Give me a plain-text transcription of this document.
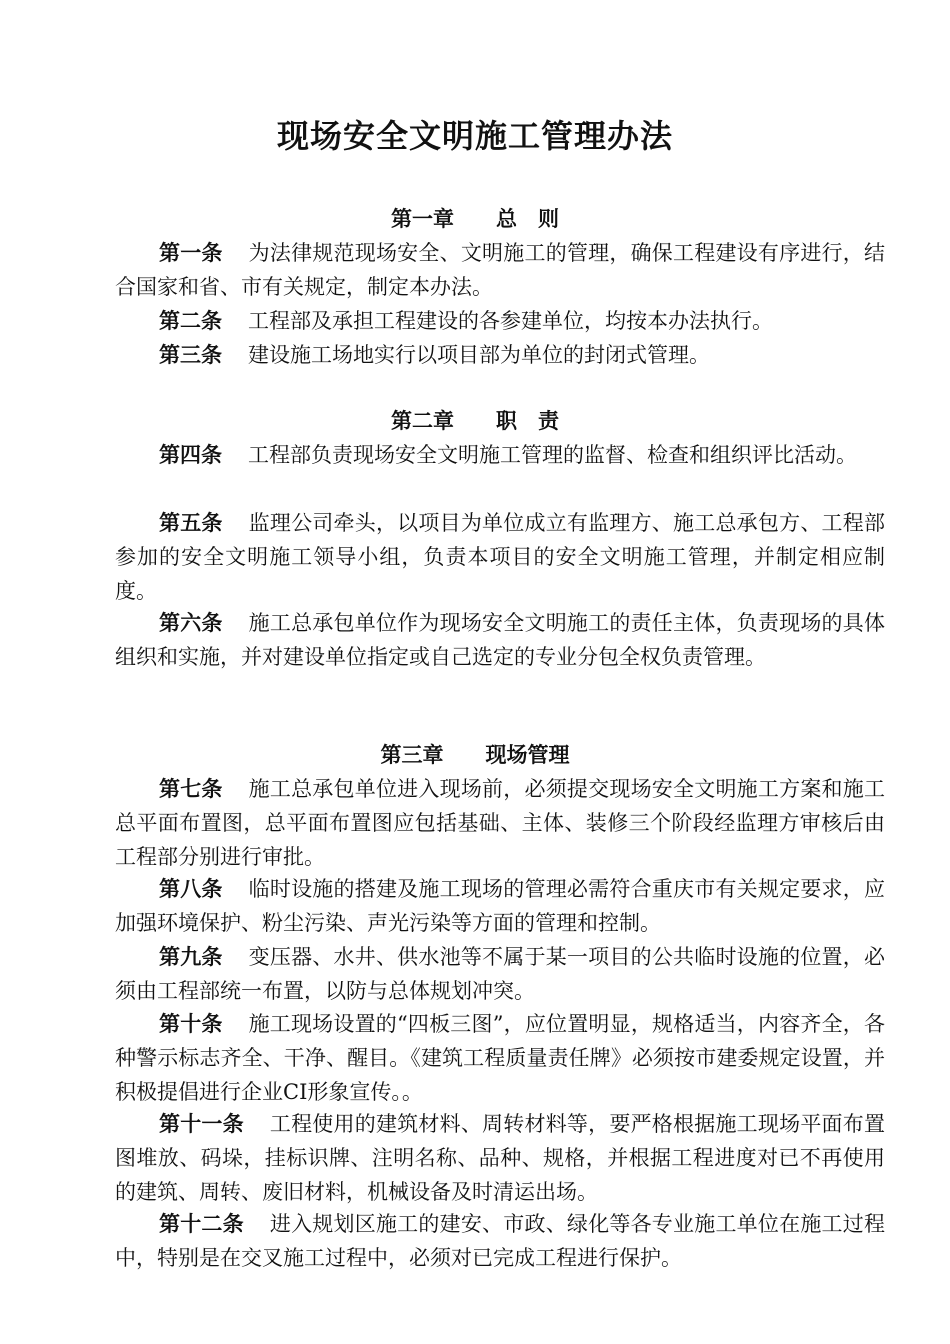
现场安全文明施工管理办法
第一章　　总　则
第一条 为法律规范现场安全、文明施工的管理，确保工程建设有序进行，结合国家和省、市有关规定，制定本办法。
第二条 工程部及承担工程建设的各参建单位，均按本办法执行。
第三条 建设施工场地实行以项目部为单位的封闭式管理。
第二章　　职　责
第四条 工程部负责现场安全文明施工管理的监督、检查和组织评比活动。
第五条 监理公司牵头，以项目为单位成立有监理方、施工总承包方、工程部参加的安全文明施工领导小组，负责本项目的安全文明施工管理，并制定相应制度。
第六条 施工总承包单位作为现场安全文明施工的责任主体，负责现场的具体组织和实施，并对建设单位指定或自己选定的专业分包全权负责管理。
第三章　　现场管理
第七条 施工总承包单位进入现场前，必须提交现场安全文明施工方案和施工总平面布置图，总平面布置图应包括基础、主体、装修三个阶段经监理方审核后由工程部分别进行审批。
第八条 临时设施的搭建及施工现场的管理必需符合重庆市有关规定要求，应加强环境保护、粉尘污染、声光污染等方面的管理和控制。
第九条 变压器、水井、供水池等不属于某一项目的公共临时设施的位置，必须由工程部统一布置，以防与总体规划冲突。
第十条 施工现场设置的“四板三图”，应位置明显，规格适当，内容齐全，各种警示标志齐全、干净、醒目。《建筑工程质量责任牌》必须按市建委规定设置，并积极提倡进行企业CI形象宣传。。
第十一条 工程使用的建筑材料、周转材料等，要严格根据施工现场平面布置图堆放、码垛，挂标识牌、注明名称、品种、规格，并根据工程进度对已不再使用的建筑、周转、废旧材料，机械设备及时清运出场。
第十二条 进入规划区施工的建安、市政、绿化等各专业施工单位在施工过程中，特别是在交叉施工过程中，必须对已完成工程进行保护。
